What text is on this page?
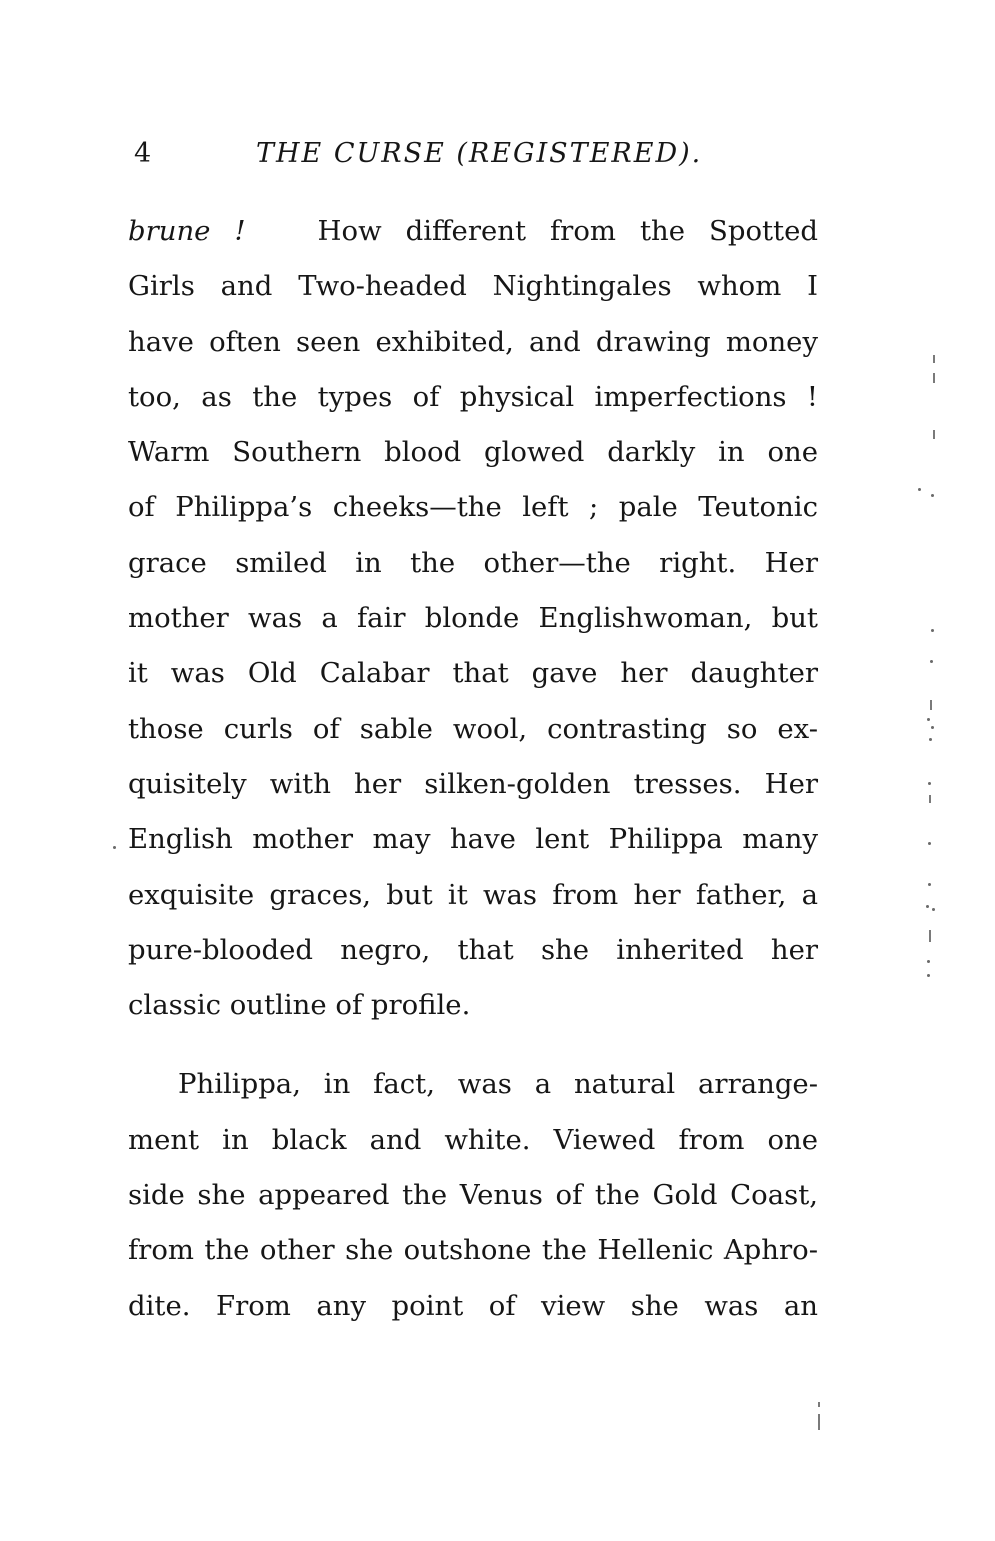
4	THE CURSE (REGISTERED).
brune !	How different from the Spotted
Girls and Two-headed Nightingales whom I
have often seen exhibited, and drawing money
too, as the types of physical imperfections !
Warm Southern blood glowed darkly in one
of Philippa’s cheeks—the left ; pale Teutonic
grace smiled in the other—the right. Her
mother was a fair blonde Englishwoman, but
it was Old Calabar that gave her daughter
those curls of sable wool, contrasting so ex-
quisitely with her silken-golden tresses. Her
English mother may have lent Philippa many
exquisite graces, but it was from her father, a
pure-blooded negro, that she inherited her
classic outline of profile.
Philippa, in fact, was a natural arrange-
ment in black and white. Viewed from one
side she appeared the Venus of the Gold Coast,
from the other she outshone the Hellenic Aphro-
dite. From any point of view she was an
